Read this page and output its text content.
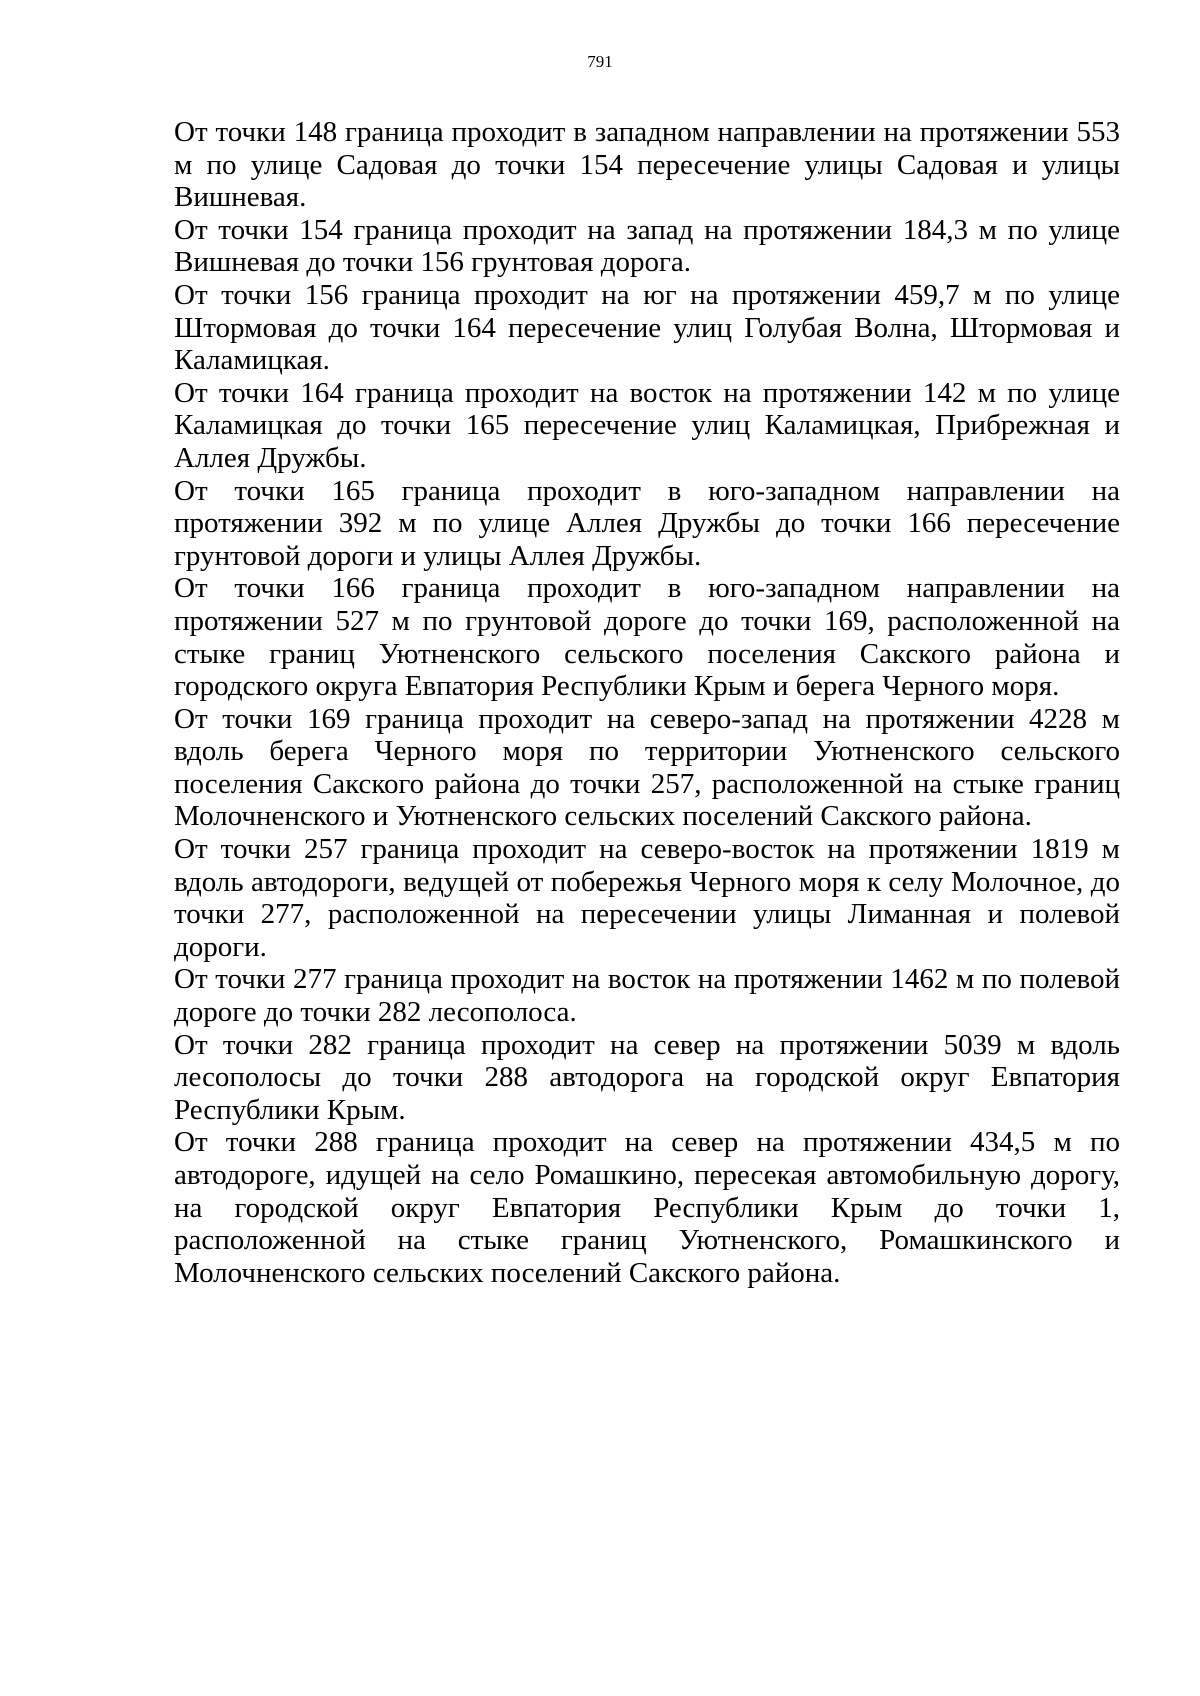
791

От точки 148 граница проходит в западном направлении на протяжении 553 м по улице Садовая до точки 154 пересечение улицы Садовая и улицы Вишневая.

От точки 154 граница проходит на запад на протяжении 184,3 м по улице Вишневая до точки 156 грунтовая дорога.

От точки 156 граница проходит на юг на протяжении 459,7 м по улице Штормовая до точки 164 пересечение улиц Голубая Волна, Штормовая и Каламицкая.

От точки 164 граница проходит на восток на протяжении 142 м по улице Каламицкая до точки 165 пересечение улиц Каламицкая, Прибрежная и Аллея Дружбы.

От точки 165 граница проходит в юго-западном направлении на протяжении 392 м по улице Аллея Дружбы до точки 166 пересечение грунтовой дороги и улицы Аллея Дружбы.

От точки 166 граница проходит в юго-западном направлении на протяжении 527 м по грунтовой дороге до точки 169, расположенной на стыке границ Уютненского сельского поселения Сакского района и городского округа Евпатория Республики Крым и берега Черного моря.

От точки 169 граница проходит на северо-запад на протяжении 4228 м вдоль берега Черного моря по территории Уютненского сельского поселения Сакского района до точки 257, расположенной на стыке границ Молочненского и Уютненского сельских поселений Сакского района.

От точки 257 граница проходит на северо-восток на протяжении 1819 м вдоль автодороги, ведущей от побережья Черного моря к селу Молочное, до точки 277, расположенной на пересечении улицы Лиманная и полевой дороги.

От точки 277 граница проходит на восток на протяжении 1462 м по полевой дороге до точки 282 лесополоса.

От точки 282 граница проходит на север на протяжении 5039 м вдоль лесополосы до точки 288 автодорога на городской округ Евпатория Республики Крым.

От точки 288 граница проходит на север на протяжении 434,5 м по автодороге, идущей на село Ромашкино, пересекая автомобильную дорогу, на городской округ Евпатория Республики Крым до точки 1, расположенной на стыке границ Уютненского, Ромашкинского и Молочненского сельских поселений Сакского района.
